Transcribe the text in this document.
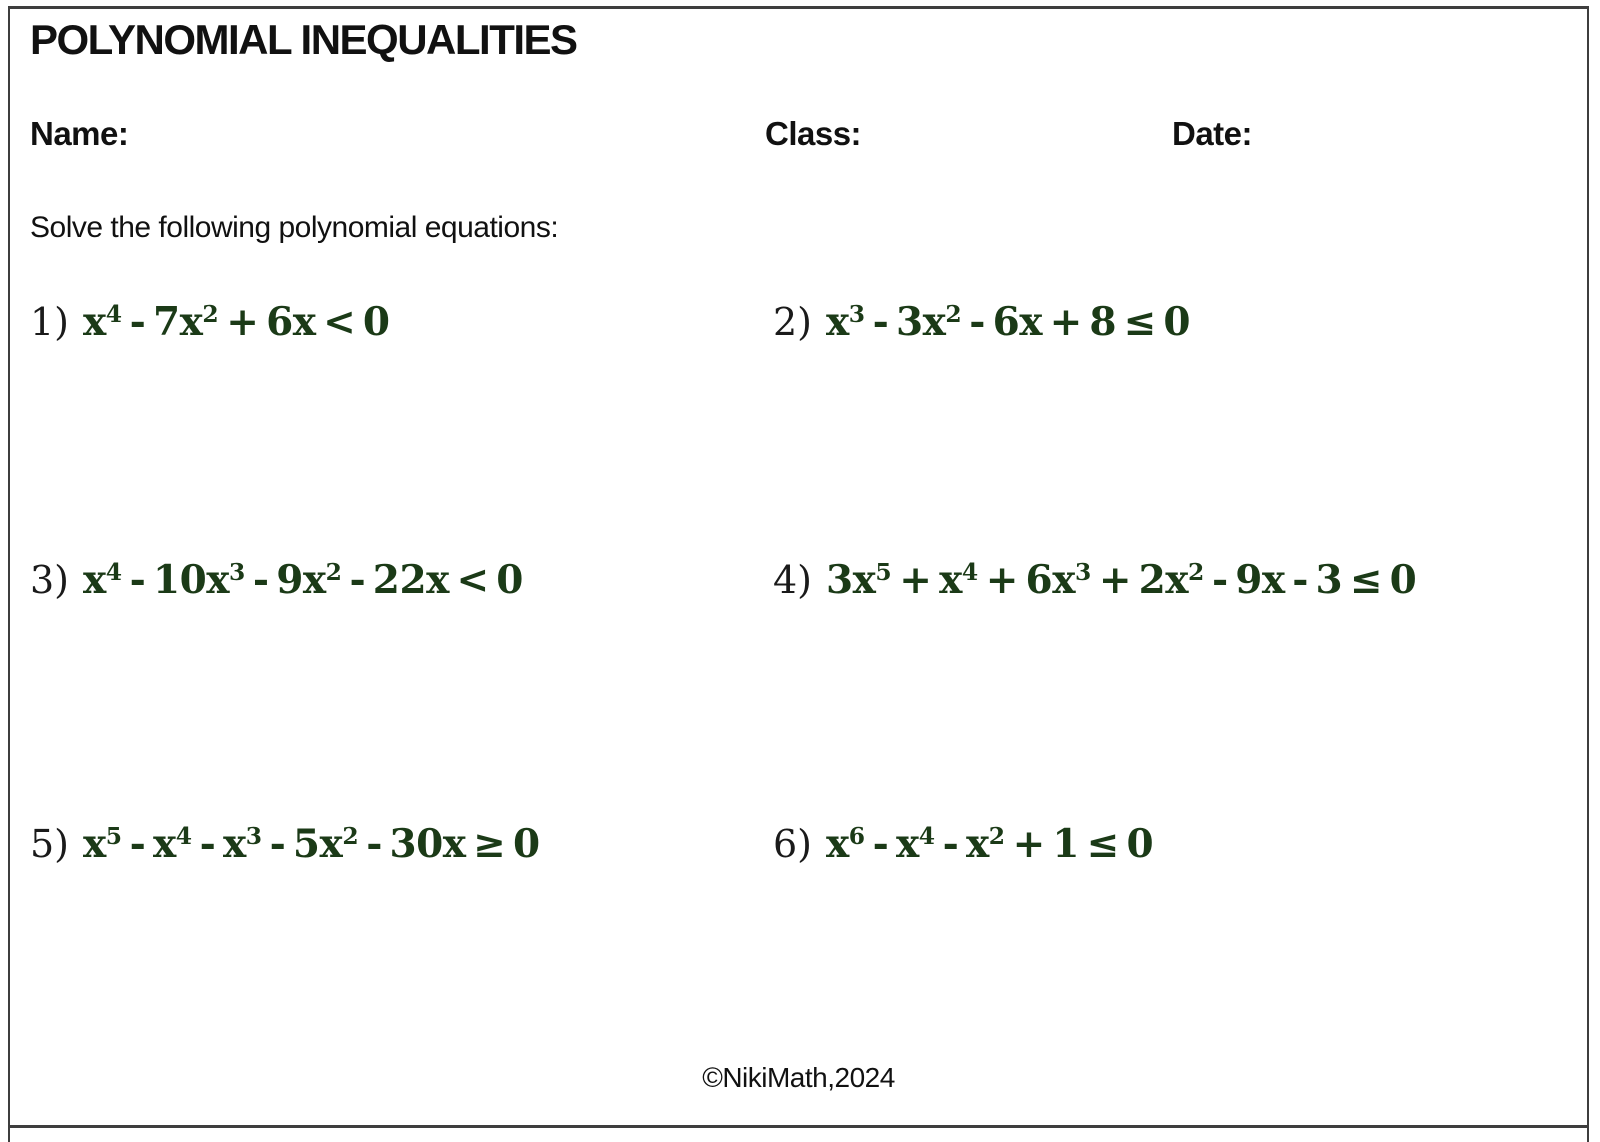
POLYNOMIAL INEQUALITIES
Name:	Class:	Date:
Solve the following polynomial equations:
1) $x^4 - 7x^2 + 6x < 0$	2) $x^3 - 3x^2 - 6x + 8 \le 0$
3) $x^4 - 10x^3 - 9x^2 - 22x < 0$	4) $3x^5 + x^4 + 6x^3 + 2x^2 - 9x - 3 \le 0$
5) $x^5 - x^4 - x^3 - 5x^2 - 30x \ge 0$	6) $x^6 - x^4 - x^2 + 1 \le 0$
©NikiMath,2024
